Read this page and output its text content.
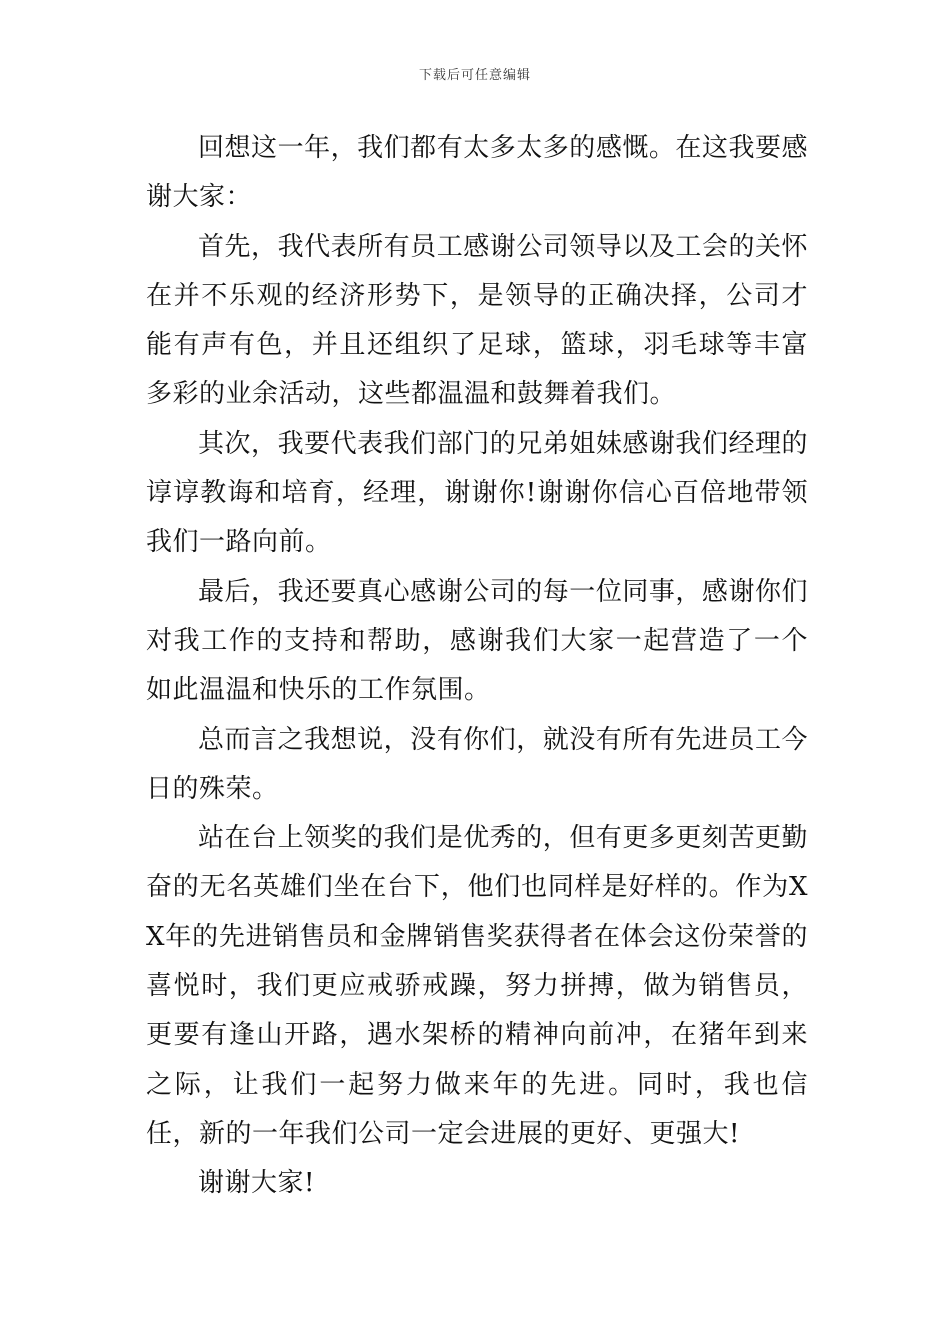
下载后可任意编辑

回想这一年，我们都有太多太多的感慨。在这我要感谢大家：

首先，我代表所有员工感谢公司领导以及工会的关怀在并不乐观的经济形势下，是领导的正确决择，公司才能有声有色，并且还组织了足球，篮球，羽毛球等丰富多彩的业余活动，这些都温温和鼓舞着我们。

其次，我要代表我们部门的兄弟姐妹感谢我们经理的谆谆教诲和培育，经理，谢谢你!谢谢你信心百倍地带领我们一路向前。

最后，我还要真心感谢公司的每一位同事，感谢你们对我工作的支持和帮助，感谢我们大家一起营造了一个如此温温和快乐的工作氛围。

总而言之我想说，没有你们，就没有所有先进员工今日的殊荣。

站在台上领奖的我们是优秀的，但有更多更刻苦更勤奋的无名英雄们坐在台下，他们也同样是好样的。作为XX年的先进销售员和金牌销售奖获得者在体会这份荣誉的喜悦时，我们更应戒骄戒躁，努力拼搏，做为销售员，更要有逢山开路，遇水架桥的精神向前冲，在猪年到来之际，让我们一起努力做来年的先进。同时，我也信任，新的一年我们公司一定会进展的更好、更强大!

谢谢大家!
